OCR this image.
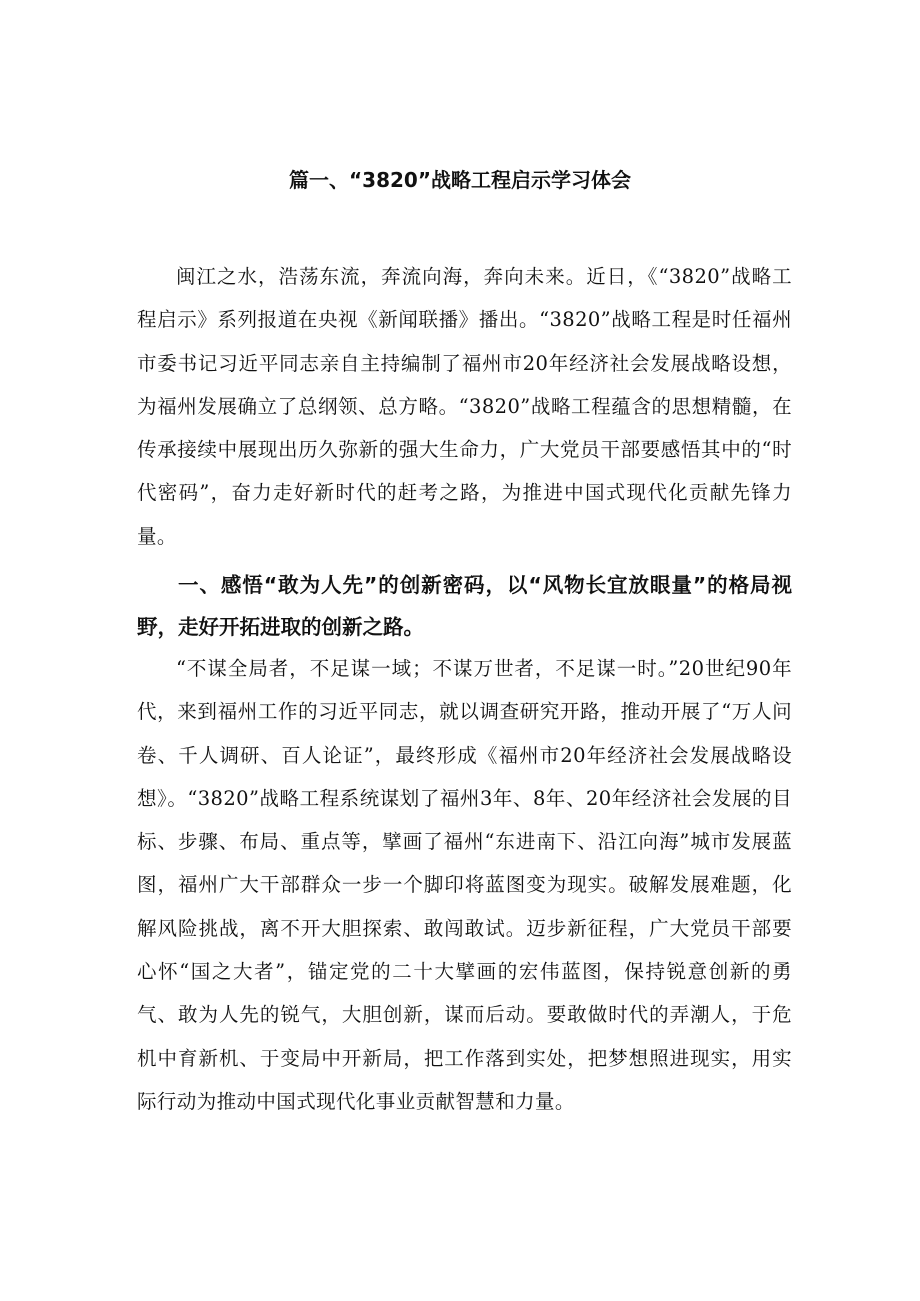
篇一、“3820”战略工程启示学习体会

闽江之水，浩荡东流，奔流向海，奔向未来。近日，《“3820”战略工程启示》系列报道在央视《新闻联播》播出。“3820”战略工程是时任福州市委书记习近平同志亲自主持编制了福州市20年经济社会发展战略设想，为福州发展确立了总纲领、总方略。“3820”战略工程蕴含的思想精髓，在传承接续中展现出历久弥新的强大生命力，广大党员干部要感悟其中的“时代密码”，奋力走好新时代的赶考之路，为推进中国式现代化贡献先锋力量。

一、感悟“敢为人先”的创新密码，以“风物长宜放眼量”的格局视野，走好开拓进取的创新之路。

“不谋全局者，不足谋一域；不谋万世者，不足谋一时。”20世纪90年代，来到福州工作的习近平同志，就以调查研究开路，推动开展了“万人问卷、千人调研、百人论证”，最终形成《福州市20年经济社会发展战略设想》。“3820”战略工程系统谋划了福州3年、8年、20年经济社会发展的目标、步骤、布局、重点等，擘画了福州“东进南下、沿江向海”城市发展蓝图，福州广大干部群众一步一个脚印将蓝图变为现实。破解发展难题，化解风险挑战，离不开大胆探索、敢闯敢试。迈步新征程，广大党员干部要心怀“国之大者”，锚定党的二十大擘画的宏伟蓝图，保持锐意创新的勇气、敢为人先的锐气，大胆创新，谋而后动。要敢做时代的弄潮人，于危机中育新机、于变局中开新局，把工作落到实处，把梦想照进现实，用实际行动为推动中国式现代化事业贡献智慧和力量。
